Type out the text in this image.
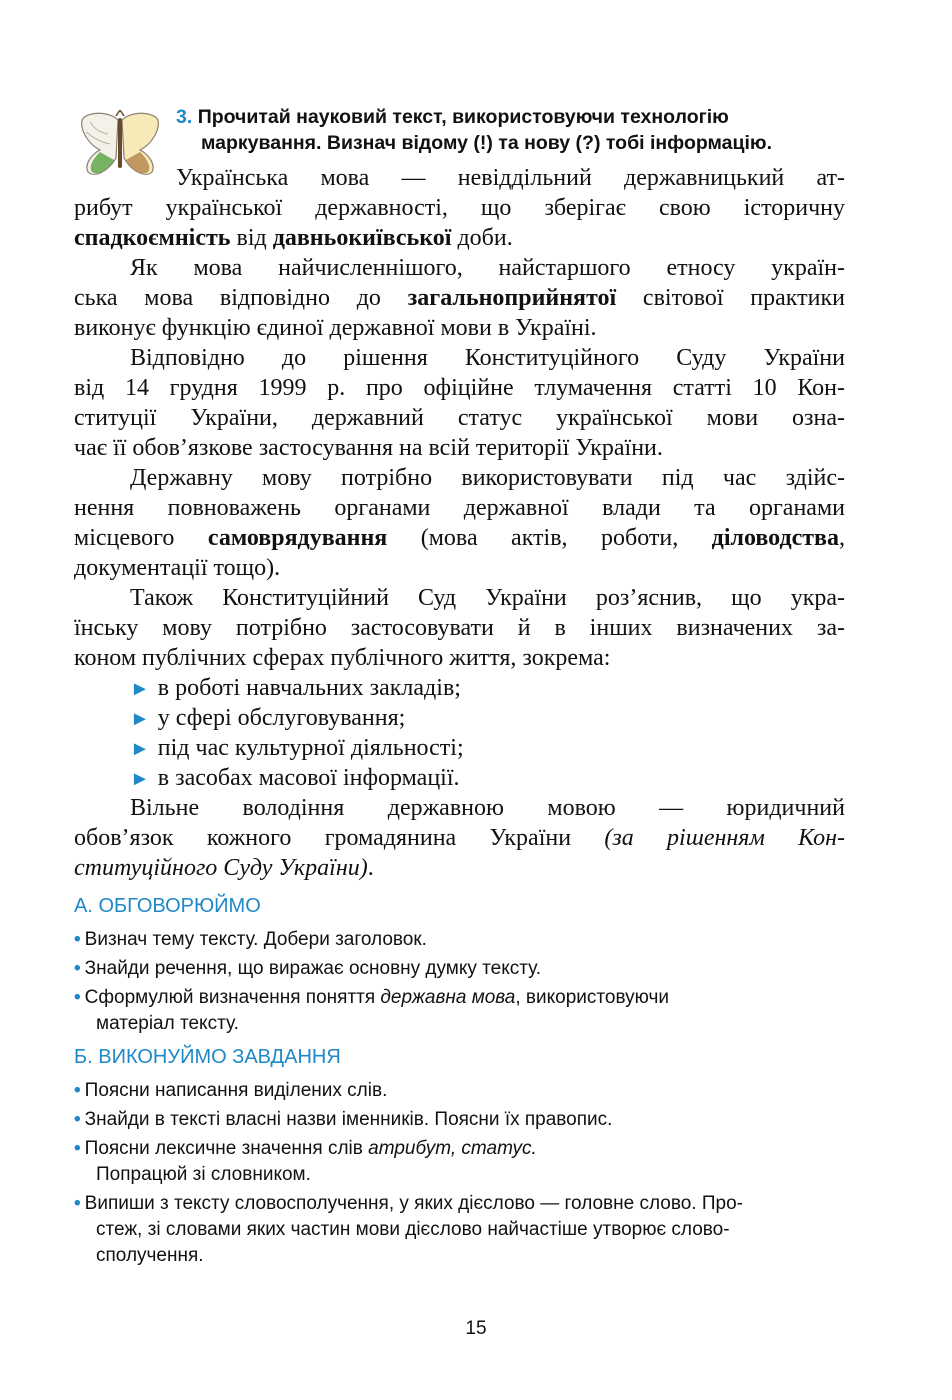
3. Прочитай науковий текст, використовуючи технологію
маркування. Визнач відому (!) та нову (?) тобі інформацію.
Українська мова — невіддільний державницький ат-
рибут української державності, що зберігає свою історичну
спадкоємність від давньокиївської доби.
Як мова найчисленнішого, найстаршого етносу україн-
ська мова відповідно до загальноприйнятої світової практики
виконує функцію єдиної державної мови в Україні.
Відповідно до рішення Конституційного Суду України
від 14 грудня 1999 р. про офіційне тлумачення статті 10 Кон-
ституції України, державний статус української мови озна-
чає її обов’язкове застосування на всій території України.
Державну мову потрібно використовувати під час здійс-
нення повноважень органами державної влади та органами
місцевого самоврядування (мова актів, роботи, діловодства,
документації тощо).
Також Конституційний Суд України роз’яснив, що укра-
їнську мову потрібно застосовувати й в інших визначених за-
коном публічних сферах публічного життя, зокрема:
► в роботі навчальних закладів;
► у сфері обслуговування;
► під час культурної діяльності;
► в засобах масової інформації.
Вільне володіння державною мовою — юридичний
обов’язок кожного громадянина України (за рішенням Кон-
ституційного Суду України).
А. ОБГОВОРЮЙМО
• Визнач тему тексту. Добери заголовок.
• Знайди речення, що виражає основну думку тексту.
• Сформулюй визначення поняття державна мова, використовуючи
матеріал тексту.
Б. ВИКОНУЙМО ЗАВДАННЯ
• Поясни написання виділених слів.
• Знайди в тексті власні назви іменників. Поясни їх правопис.
• Поясни лексичне значення слів атрибут, статус.
Попрацюй зі словником.
• Випиши з тексту словосполучення, у яких дієслово — головне слово. Про-
стеж, зі словами яких частин мови дієслово найчастіше утворює слово-
сполучення.
15
